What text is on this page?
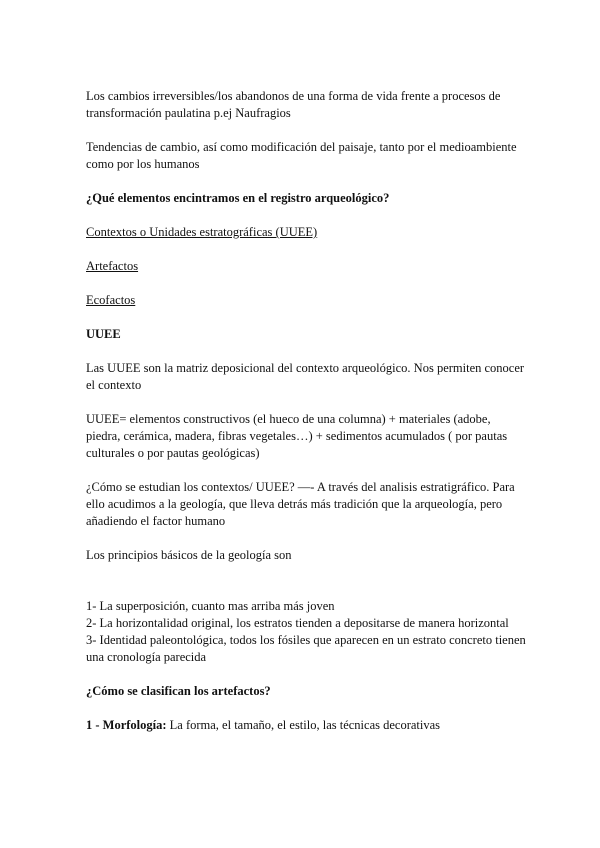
Los cambios irreversibles/los abandonos de una forma de vida frente a procesos de transformación paulatina p.ej Naufragios

Tendencias de cambio, así como modificación del paisaje, tanto por el medioambiente como por los humanos

¿Qué elementos encintramos en el registro arqueológico?

Contextos o Unidades estratográficas (UUEE)

Artefactos

Ecofactos

UUEE

Las UUEE son la matriz deposicional del contexto arqueológico. Nos permiten conocer el contexto

UUEE= elementos constructivos (el hueco de una columna) + materiales (adobe, piedra, cerámica, madera, fibras vegetales…) + sedimentos acumulados ( por pautas culturales o por pautas geológicas)

¿Cómo se estudian los contextos/ UUEE? —- A través del analisis estratigráfico. Para ello acudimos a la geología, que lleva detrás más tradición que la arqueología, pero añadiendo el factor humano

Los principios básicos de la geología son

1- La superposición, cuanto mas arriba más joven

2- La horizontalidad original, los estratos tienden a depositarse de manera horizontal

3- Identidad paleontológica, todos los fósiles que aparecen en un estrato concreto tienen una cronología parecida

¿Cómo se clasifican los artefactos?

1 - Morfología: La forma, el tamaño, el estilo, las técnicas decorativas
